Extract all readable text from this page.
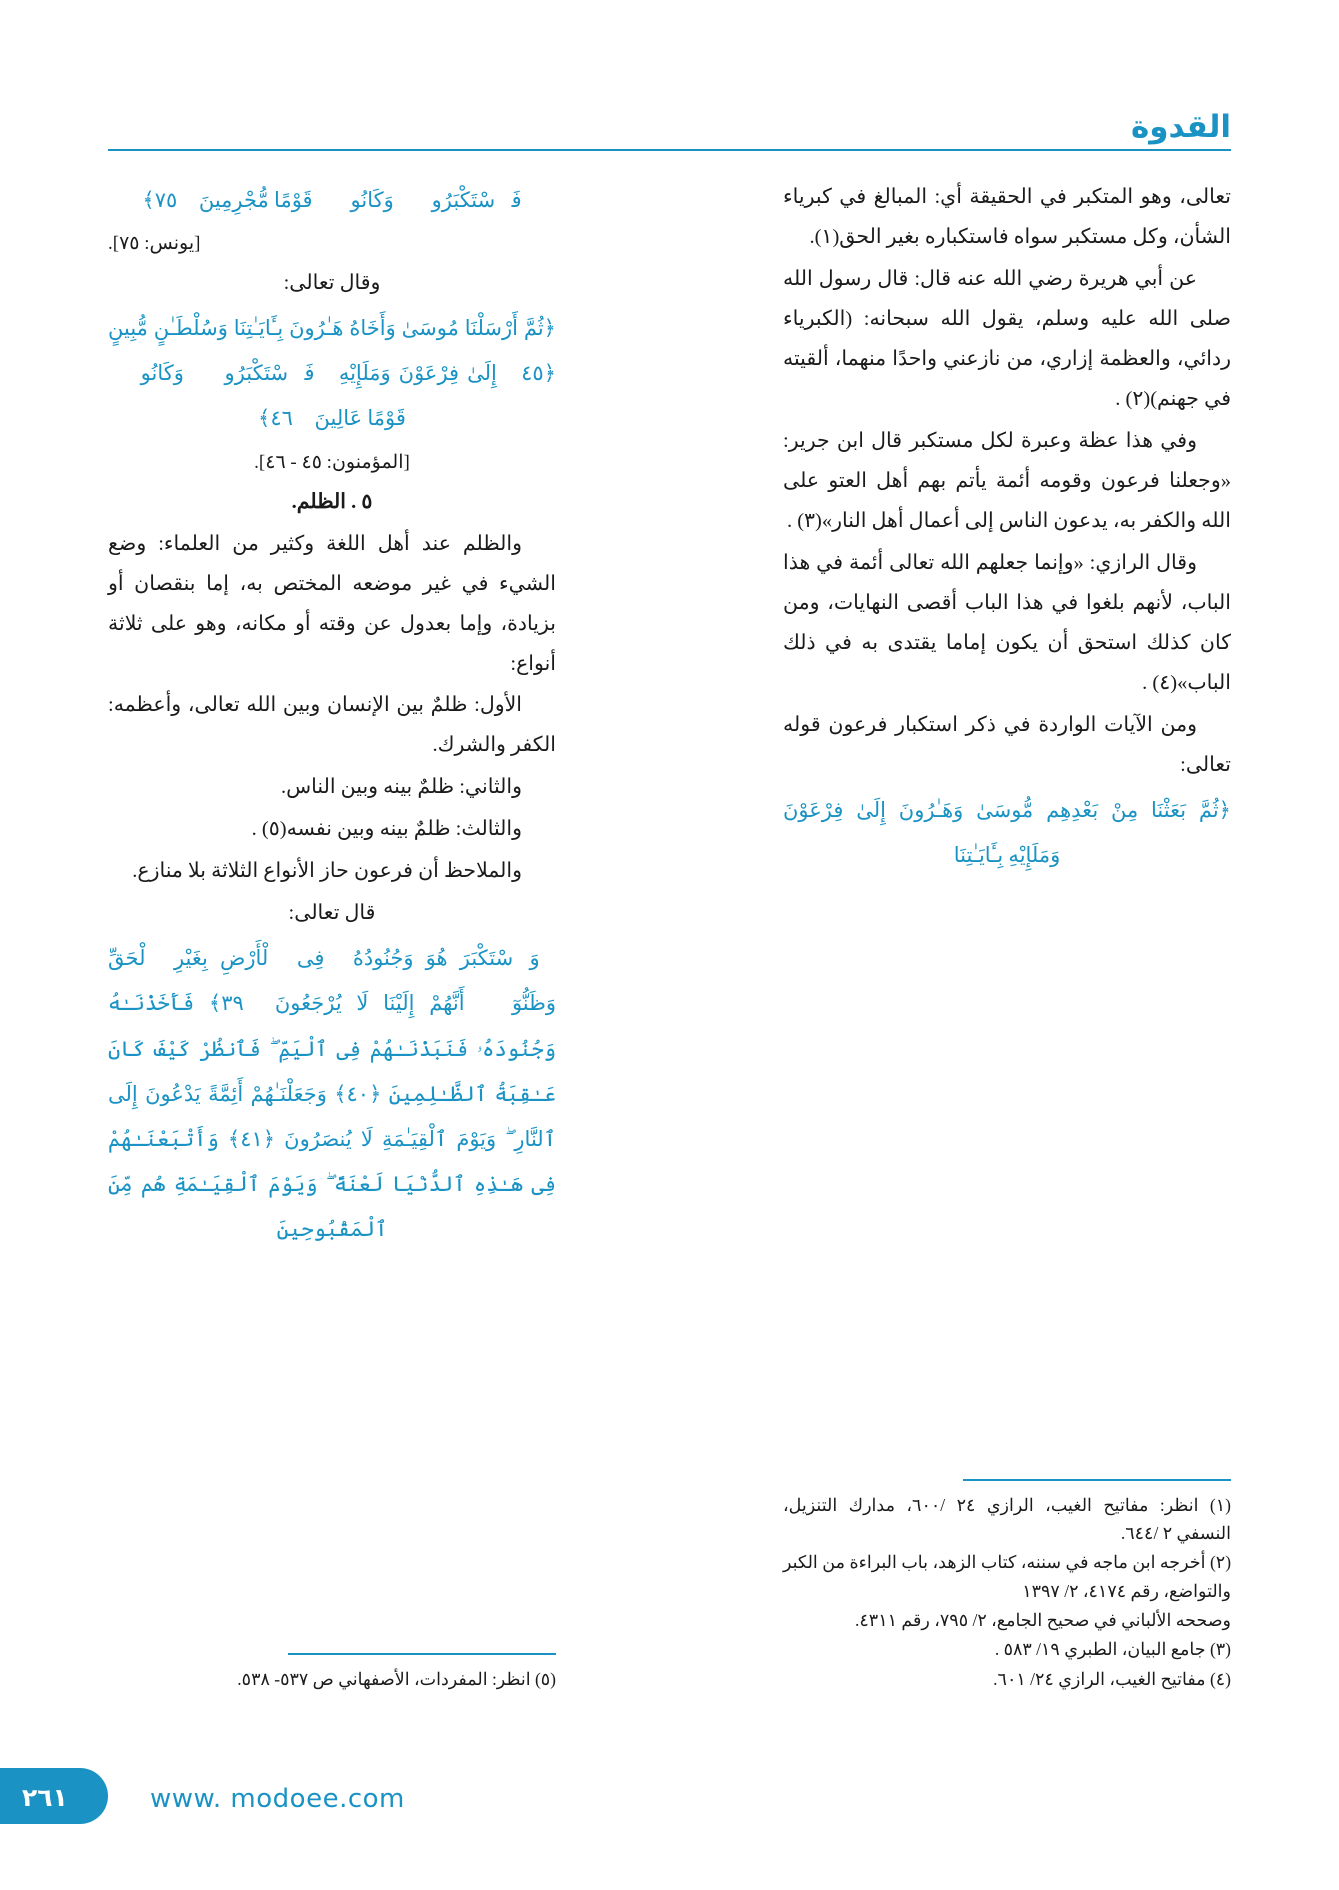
القدوة

تعالى، وهو المتكبر في الحقيقة أي: المبالغ في كبرياء الشأن، وكل مستكبر سواه فاستكباره بغير الحق(١).

عن أبي هريرة رضي الله عنه قال: قال رسول الله صلى الله عليه وسلم، يقول الله سبحانه: (الكبرياء ردائي، والعظمة إزاري، من نازعني واحدًا منهما، ألقيته في جهنم)(٢) .

وفي هذا عظة وعبرة لكل مستكبر قال ابن جرير: «وجعلنا فرعون وقومه أئمة يأتم بهم أهل العتو على الله والكفر به، يدعون الناس إلى أعمال أهل النار»(٣) .

وقال الرازي: «وإنما جعلهم الله تعالى أئمة في هذا الباب، لأنهم بلغوا في هذا الباب أقصى النهايات، ومن كان كذلك استحق أن يكون إماما يقتدى به في ذلك الباب»(٤) .

ومن الآيات الواردة في ذكر استكبار فرعون قوله تعالى:

﴿ثُمَّ بَعَثْنَا مِنْ بَعْدِهِم مُّوسَىٰ وَهَـٰرُونَ إِلَىٰ فِرْعَوْنَ وَمَلَإِيْهِ بِـَٔايَـٰتِنَا

فَٱسْتَكْبَرُوا۟ وَكَانُوا۟ قَوْمًا مُّجْرِمِينَ ﴿٧٥﴾

[يونس: ٧٥].

وقال تعالى:

﴿ثُمَّ أَرْسَلْنَا مُوسَىٰ وَأَخَاهُ هَـٰرُونَ بِـَٔايَـٰتِنَا وَسُلْطَـٰنٍ مُّبِينٍ ﴿٤٥﴾ إِلَىٰ فِرْعَوْنَ وَمَلَإِيْهِۦ فَٱسْتَكْبَرُوا۟ وَكَانُوا۟ قَوْمًا عَالِينَ ﴿٤٦﴾

[المؤمنون: ٤٥ - ٤٦].

٥ . الظلم.

والظلم عند أهل اللغة وكثير من العلماء: وضع الشيء في غير موضعه المختص به، إما بنقصان أو بزيادة، وإما بعدول عن وقته أو مكانه، وهو على ثلاثة أنواع:

الأول: ظلمٌ بين الإنسان وبين الله تعالى، وأعظمه: الكفر والشرك.

والثاني: ظلمٌ بينه وبين الناس.

والثالث: ظلمٌ بينه وبين نفسه(٥) .

والملاحظ أن فرعون حاز الأنواع الثلاثة بلا منازع.

قال تعالى:

﴿وَٱسْتَكْبَرَ هُوَ وَجُنُودُهُۥ فِى ٱلْأَرْضِ بِغَيْرِ ٱلْحَقِّ وَظَنُّوٓا۟ أَنَّهُمْ إِلَيْنَا لَا يُرْجَعُونَ ﴿٣٩﴾ فَأَخَذْنَـٰهُ وَجُنُودَهُۥ فَنَبَذْنَـٰهُمْ فِى ٱلْيَمِّ ۖ فَٱنظُرْ كَيْفَ كَانَ عَـٰقِبَةُ ٱلظَّـٰلِمِينَ ﴿٤٠﴾ وَجَعَلْنَـٰهُمْ أَئِمَّةً يَدْعُونَ إِلَى ٱلنَّارِ ۖ وَيَوْمَ ٱلْقِيَـٰمَةِ لَا يُنصَرُونَ ﴿٤١﴾ وَأَتْبَعْنَـٰهُمْ فِى هَـٰذِهِ ٱلدُّنْيَا لَعْنَةً ۖ وَيَوْمَ ٱلْقِيَـٰمَةِ هُم مِّنَ ٱلْمَقْبُوحِينَ

(١) انظر: مفاتيح الغيب، الرازي ٢٤ /٦٠٠، مدارك التنزيل، النسفي ٢ /٦٤٤.
(٢) أخرجه ابن ماجه في سننه، كتاب الزهد، باب البراءة من الكبر والتواضع، رقم ٤١٧٤، ٢/ ١٣٩٧
وصححه الألباني في صحيح الجامع، ٢/ ٧٩٥، رقم ٤٣١١.
(٣) جامع البيان، الطبري ١٩/ ٥٨٣ .
(٤) مفاتيح الغيب، الرازي ٢٤/ ٦٠١.
(٥) انظر: المفردات، الأصفهاني ص ٥٣٧- ٥٣٨.
٢٦١	www. modoee.com
